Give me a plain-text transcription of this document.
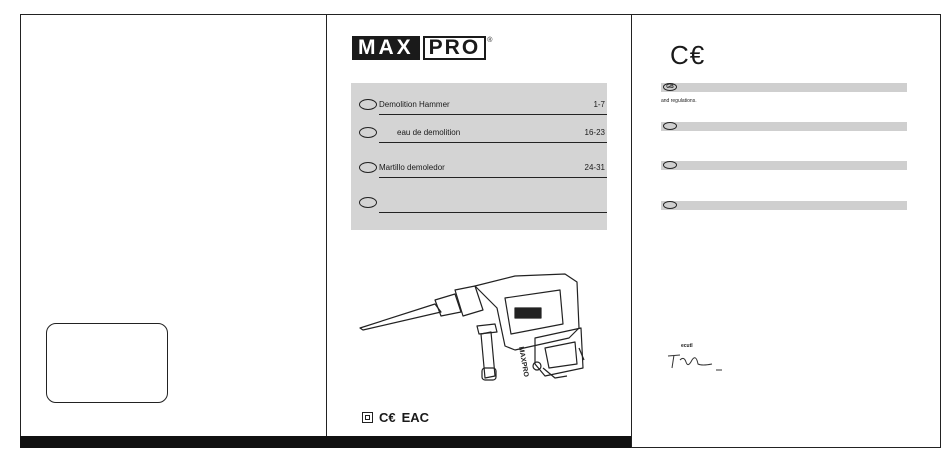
MAX PRO	®
Demolition Hammer	1-7
eau de demolition	16-23
Martillo demoledor	24-31
MAXPRO
C€ EAC
C€
GB
and regulations.
ecutl
